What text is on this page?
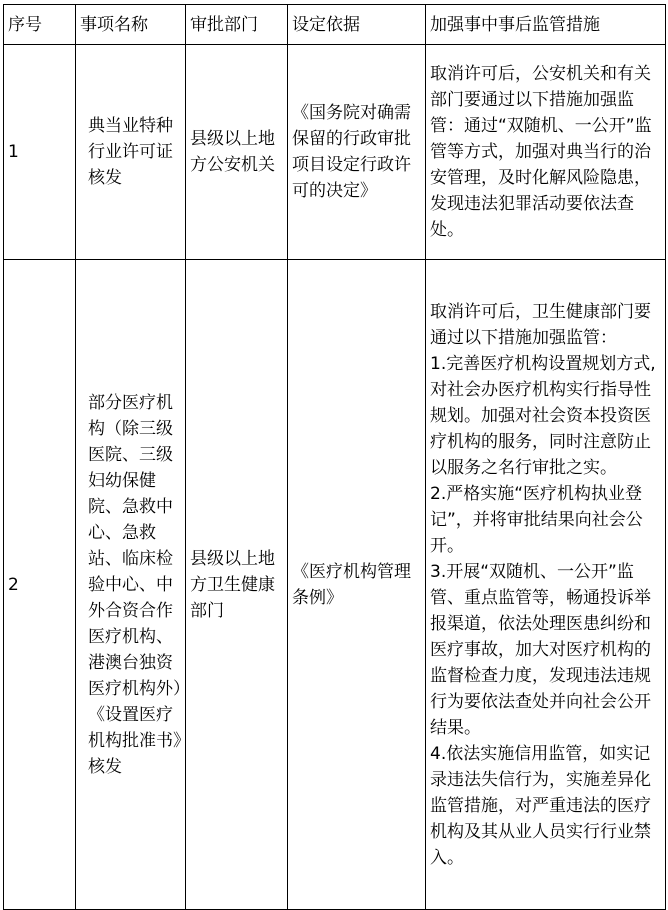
序号	事项名称	审批部门	设定依据	加强事中事后监管措施
1	典当业特种行业许可证核发	县级以上地方公安机关	《国务院对确需保留的行政审批项目设定行政许可的决定》	取消许可后，公安机关和有关部门要通过以下措施加强监管：通过“双随机、一公开”监管等方式，加强对典当行的治安管理，及时化解风险隐患，发现违法犯罪活动要依法查处。

2	部分医疗机构（除三级医院、三级妇幼保健院、急救中心、急救站、临床检验中心、中外合资合作医疗机构、港澳台独资医疗机构外）《设置医疗机构批准书》核发	县级以上地方卫生健康部门	《医疗机构管理条例》	取消许可后，卫生健康部门要通过以下措施加强监管：
1.完善医疗机构设置规划方式,对社会办医疗机构实行指导性规划。加强对社会资本投资医疗机构的服务，同时注意防止以服务之名行审批之实。
2.严格实施“医疗机构执业登记”，并将审批结果向社会公开。
3.开展“双随机、一公开”监管、重点监管等，畅通投诉举报渠道，依法处理医患纠纷和医疗事故，加大对医疗机构的监督检查力度，发现违法违规行为要依法查处并向社会公开结果。
4.依法实施信用监管，如实记录违法失信行为，实施差异化监管措施，对严重违法的医疗机构及其从业人员实行行业禁入。
